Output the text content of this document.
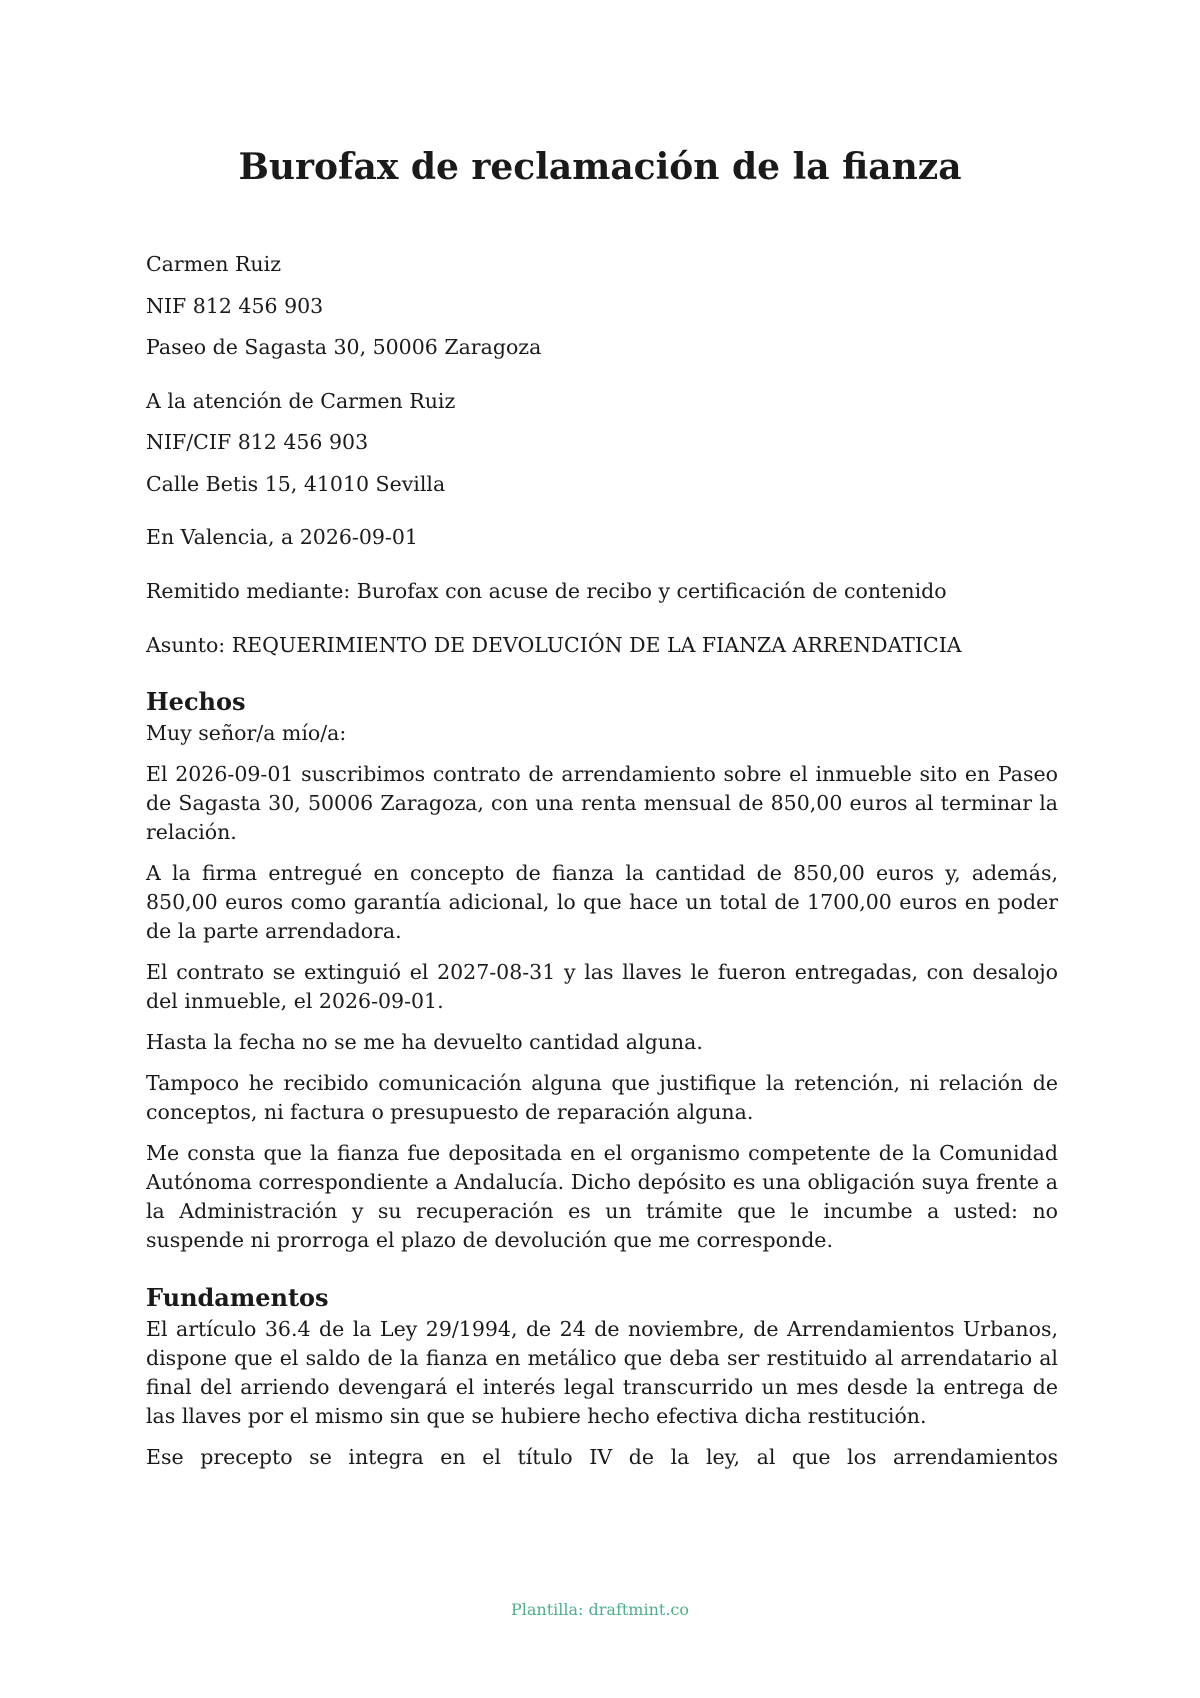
Burofax de reclamación de la fianza

Carmen Ruiz

NIF 812 456 903

Paseo de Sagasta 30, 50006 Zaragoza

A la atención de Carmen Ruiz

NIF/CIF 812 456 903

Calle Betis 15, 41010 Sevilla

En Valencia, a 2026-09-01

Remitido mediante: Burofax con acuse de recibo y certificación de contenido

Asunto: REQUERIMIENTO DE DEVOLUCIÓN DE LA FIANZA ARRENDATICIA

Hechos

Muy señor/a mío/a:

El 2026-09-01 suscribimos contrato de arrendamiento sobre el inmueble sito en Paseo de Sagasta 30, 50006 Zaragoza, con una renta mensual de 850,00 euros al terminar la relación.

A la firma entregué en concepto de fianza la cantidad de 850,00 euros y, además, 850,00 euros como garantía adicional, lo que hace un total de 1700,00 euros en poder de la parte arrendadora.

El contrato se extinguió el 2027-08-31 y las llaves le fueron entregadas, con desalojo del inmueble, el 2026-09-01.

Hasta la fecha no se me ha devuelto cantidad alguna.

Tampoco he recibido comunicación alguna que justifique la retención, ni relación de conceptos, ni factura o presupuesto de reparación alguna.

Me consta que la fianza fue depositada en el organismo competente de la Comunidad Autónoma correspondiente a Andalucía. Dicho depósito es una obligación suya frente a la Administración y su recuperación es un trámite que le incumbe a usted: no suspende ni prorroga el plazo de devolución que me corresponde.

Fundamentos

El artículo 36.4 de la Ley 29/1994, de 24 de noviembre, de Arrendamientos Urbanos, dispone que el saldo de la fianza en metálico que deba ser restituido al arrendatario al final del arriendo devengará el interés legal transcurrido un mes desde la entrega de las llaves por el mismo sin que se hubiere hecho efectiva dicha restitución.

Ese precepto se integra en el título IV de la ley, al que los arrendamientos

Plantilla: draftmint.co
